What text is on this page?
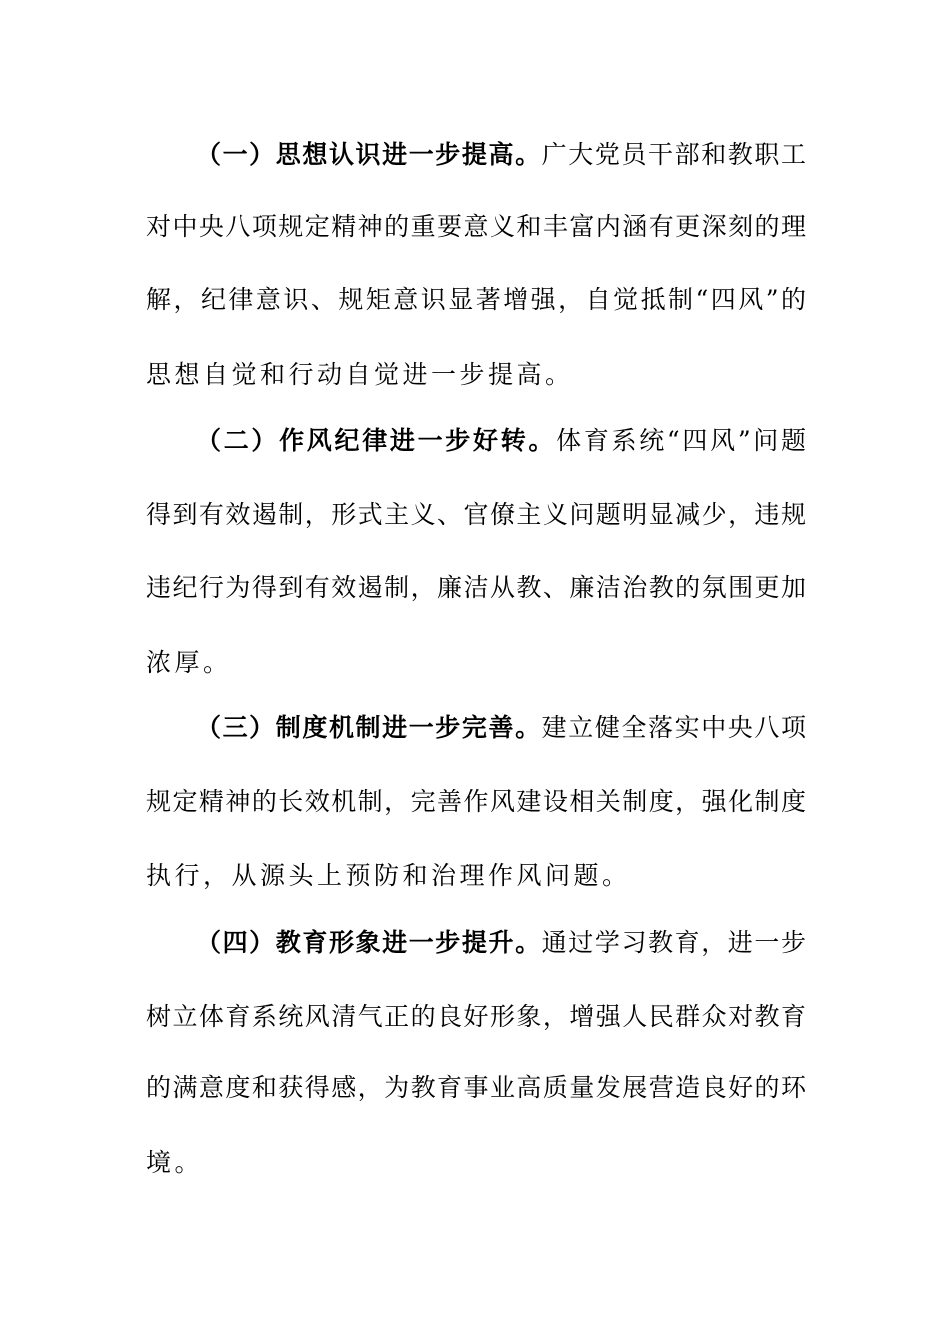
（一）思想认识进一步提高。广大党员干部和教职工
对中央八项规定精神的重要意义和丰富内涵有更深刻的理
解，纪律意识、规矩意识显著增强，自觉抵制“四风”的
思想自觉和行动自觉进一步提高。
（二）作风纪律进一步好转。体育系统“四风”问题
得到有效遏制，形式主义、官僚主义问题明显减少，违规
违纪行为得到有效遏制，廉洁从教、廉洁治教的氛围更加
浓厚。
（三）制度机制进一步完善。建立健全落实中央八项
规定精神的长效机制，完善作风建设相关制度，强化制度
执行，从源头上预防和治理作风问题。
（四）教育形象进一步提升。通过学习教育，进一步
树立体育系统风清气正的良好形象，增强人民群众对教育
的满意度和获得感，为教育事业高质量发展营造良好的环
境。
